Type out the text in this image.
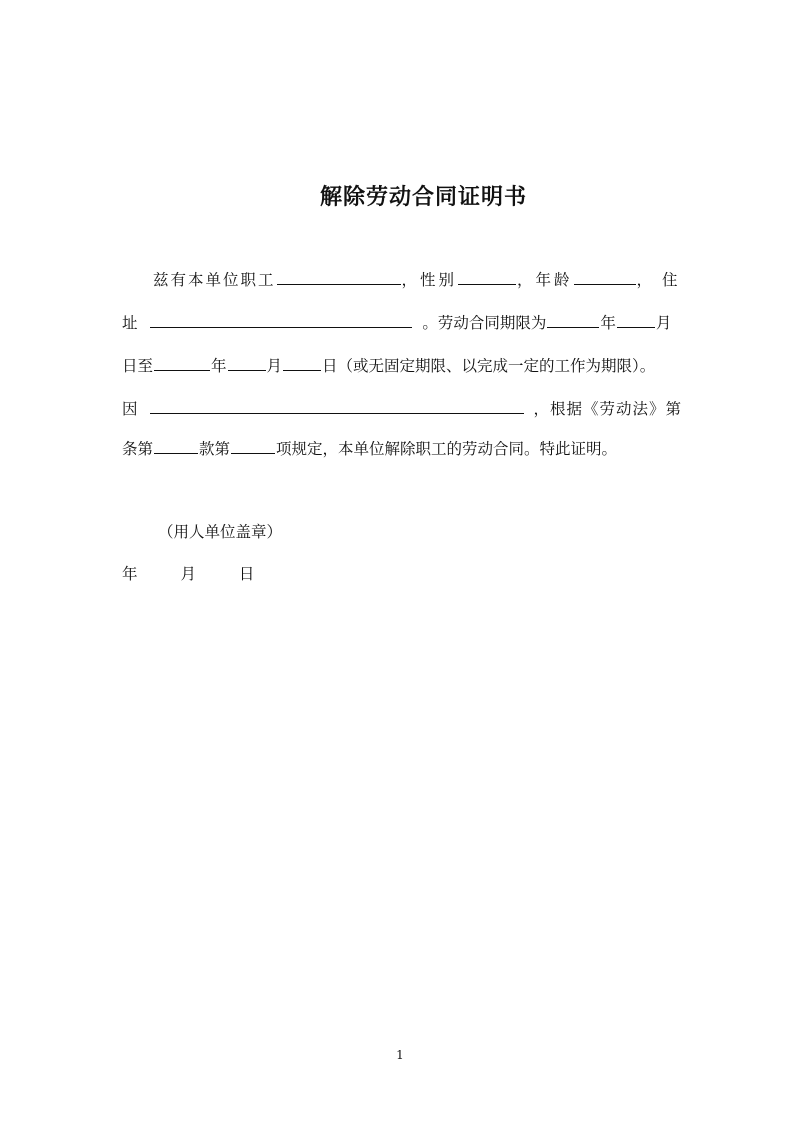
解除劳动合同证明书
兹有本单位职工	，性别	，年龄	，住
址	。劳动合同期限为	年	月
日至	年	月	日（或无固定期限、以完成一定的工作为期限）。
因	，根据《劳动法》第
条第	款第	项规定，本单位解除职工的劳动合同。特此证明。
（用人单位盖章）
年	月	日
1
